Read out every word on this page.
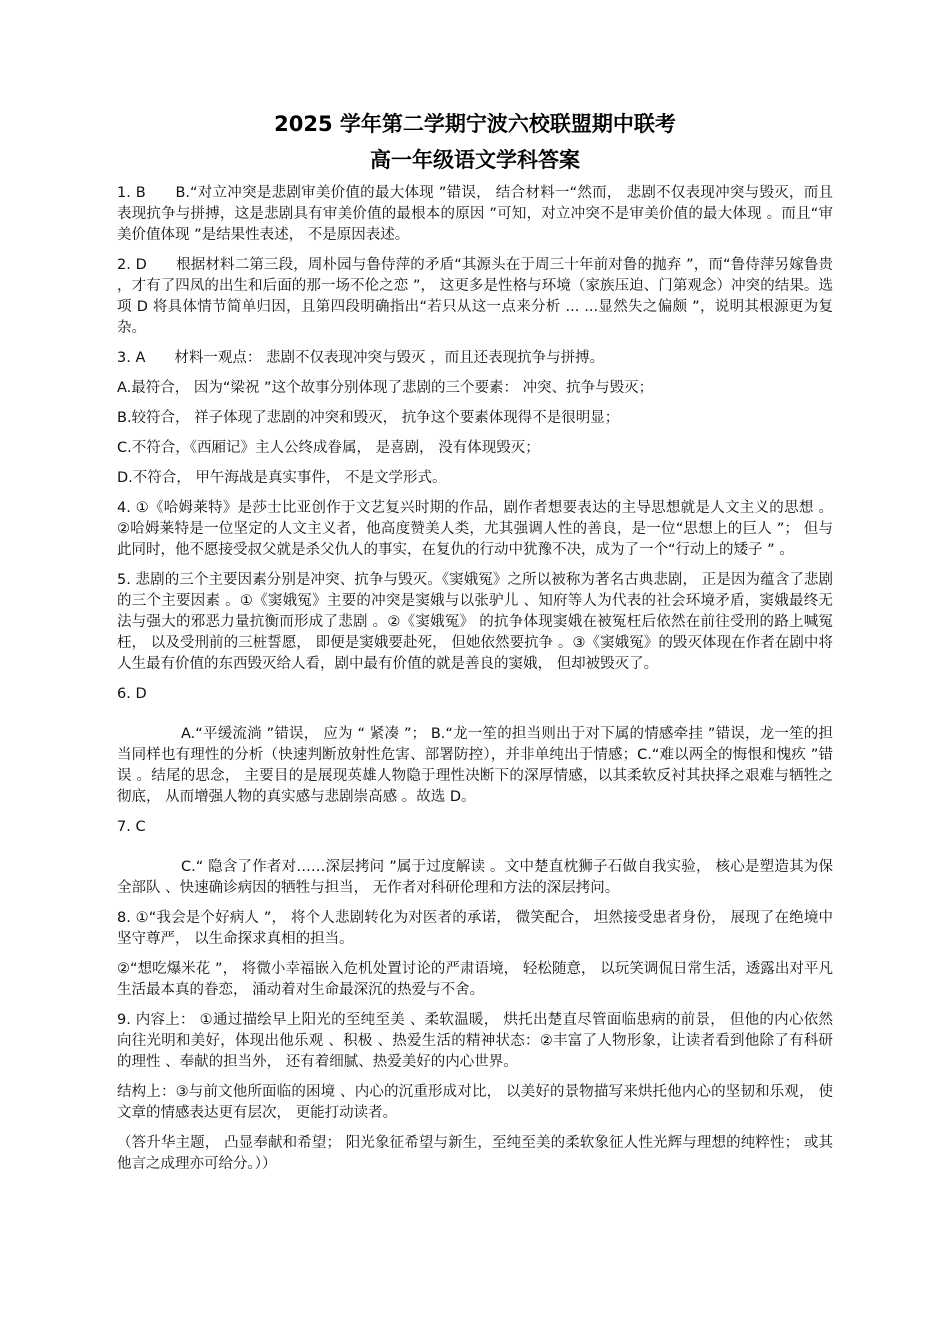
2025 学年第二学期宁波六校联盟期中联考
高一年级语文学科答案

1. B　　B.“对立冲突是悲剧审美价值的最大体现 ”错误， 结合材料一“然而， 悲剧不仅表现冲突与毁灭，而且表现抗争与拼搏，这是悲剧具有审美价值的最根本的原因 ”可知，对立冲突不是审美价值的最大体现 。而且“审美价值体现 ”是结果性表述， 不是原因表述。

2. D　　根据材料二第三段，周朴园与鲁侍萍的矛盾“其源头在于周三十年前对鲁的抛弃 ”，而“鲁侍萍另嫁鲁贵 ，才有了四凤的出生和后面的那一场不伦之恋 ”， 这更多是性格与环境（家族压迫、门第观念）冲突的结果。选项 D 将具体情节简单归因，且第四段明确指出“若只从这一点来分析 ... ...显然失之偏颇 ”，说明其根源更为复杂。

3. A　　材料一观点： 悲剧不仅表现冲突与毁灭 ，而且还表现抗争与拼搏。

A.最符合， 因为“梁祝 ”这个故事分别体现了悲剧的三个要素： 冲突、抗争与毁灭；

B.较符合， 祥子体现了悲剧的冲突和毁灭， 抗争这个要素体现得不是很明显；

C.不符合，《西厢记》主人公终成眷属， 是喜剧， 没有体现毁灭；

D.不符合， 甲午海战是真实事件， 不是文学形式。

4. ①《哈姆莱特》是莎士比亚创作于文艺复兴时期的作品，剧作者想要表达的主导思想就是人文主义的思想 。②哈姆莱特是一位坚定的人文主义者，他高度赞美人类，尤其强调人性的善良，是一位“思想上的巨人 ”； 但与此同时，他不愿接受叔父就是杀父仇人的事实，在复仇的行动中犹豫不决，成为了一个“行动上的矮子 ” 。

5. 悲剧的三个主要因素分别是冲突、抗争与毁灭。《窦娥冤》之所以被称为著名古典悲剧， 正是因为蕴含了悲剧的三个主要因素 。①《窦娥冤》主要的冲突是窦娥与以张驴儿 、知府等人为代表的社会环境矛盾，窦娥最终无法与强大的邪恶力量抗衡而形成了悲剧 。②《窦娥冤》 的抗争体现窦娥在被冤枉后依然在前往受刑的路上喊冤枉， 以及受刑前的三桩誓愿， 即便是窦娥要赴死， 但她依然要抗争 。③《窦娥冤》的毁灭体现在作者在剧中将人生最有价值的东西毁灭给人看，剧中最有价值的就是善良的窦娥， 但却被毁灭了。

6. D

A.“平缓流淌 ”错误， 应为 “ 紧凑 ”； B.“龙一笙的担当则出于对下属的情感牵挂 ”错误，龙一笙的担当同样也有理性的分析（快速判断放射性危害、部署防控），并非单纯出于情感；C.“难以两全的悔恨和愧疚 ”错误 。结尾的思念， 主要目的是展现英雄人物隐于理性决断下的深厚情感，以其柔软反衬其抉择之艰难与牺牲之彻底， 从而增强人物的真实感与悲剧崇高感 。故选 D。

7. C

C.“ 隐含了作者对……深层拷问 ”属于过度解读 。文中楚直枕狮子石做自我实验， 核心是塑造其为保全部队 、快速确诊病因的牺牲与担当， 无作者对科研伦理和方法的深层拷问。

8. ①“我会是个好病人 ”， 将个人悲剧转化为对医者的承诺， 微笑配合， 坦然接受患者身份， 展现了在绝境中坚守尊严， 以生命探求真相的担当。

②“想吃爆米花 ”， 将微小幸福嵌入危机处置讨论的严肃语境， 轻松随意， 以玩笑调侃日常生活，透露出对平凡生活最本真的眷恋， 涌动着对生命最深沉的热爱与不舍。

9. 内容上： ①通过描绘早上阳光的至纯至美 、柔软温暖， 烘托出楚直尽管面临患病的前景， 但他的内心依然向往光明和美好，体现出他乐观 、积极 、热爱生活的精神状态：②丰富了人物形象，让读者看到他除了有科研的理性 、奉献的担当外， 还有着细腻、热爱美好的内心世界。

结构上：③与前文他所面临的困境 、内心的沉重形成对比， 以美好的景物描写来烘托他内心的坚韧和乐观， 使文章的情感表达更有层次， 更能打动读者。

（答升华主题， 凸显奉献和希望； 阳光象征希望与新生，至纯至美的柔软象征人性光辉与理想的纯粹性； 或其他言之成理亦可给分。））
